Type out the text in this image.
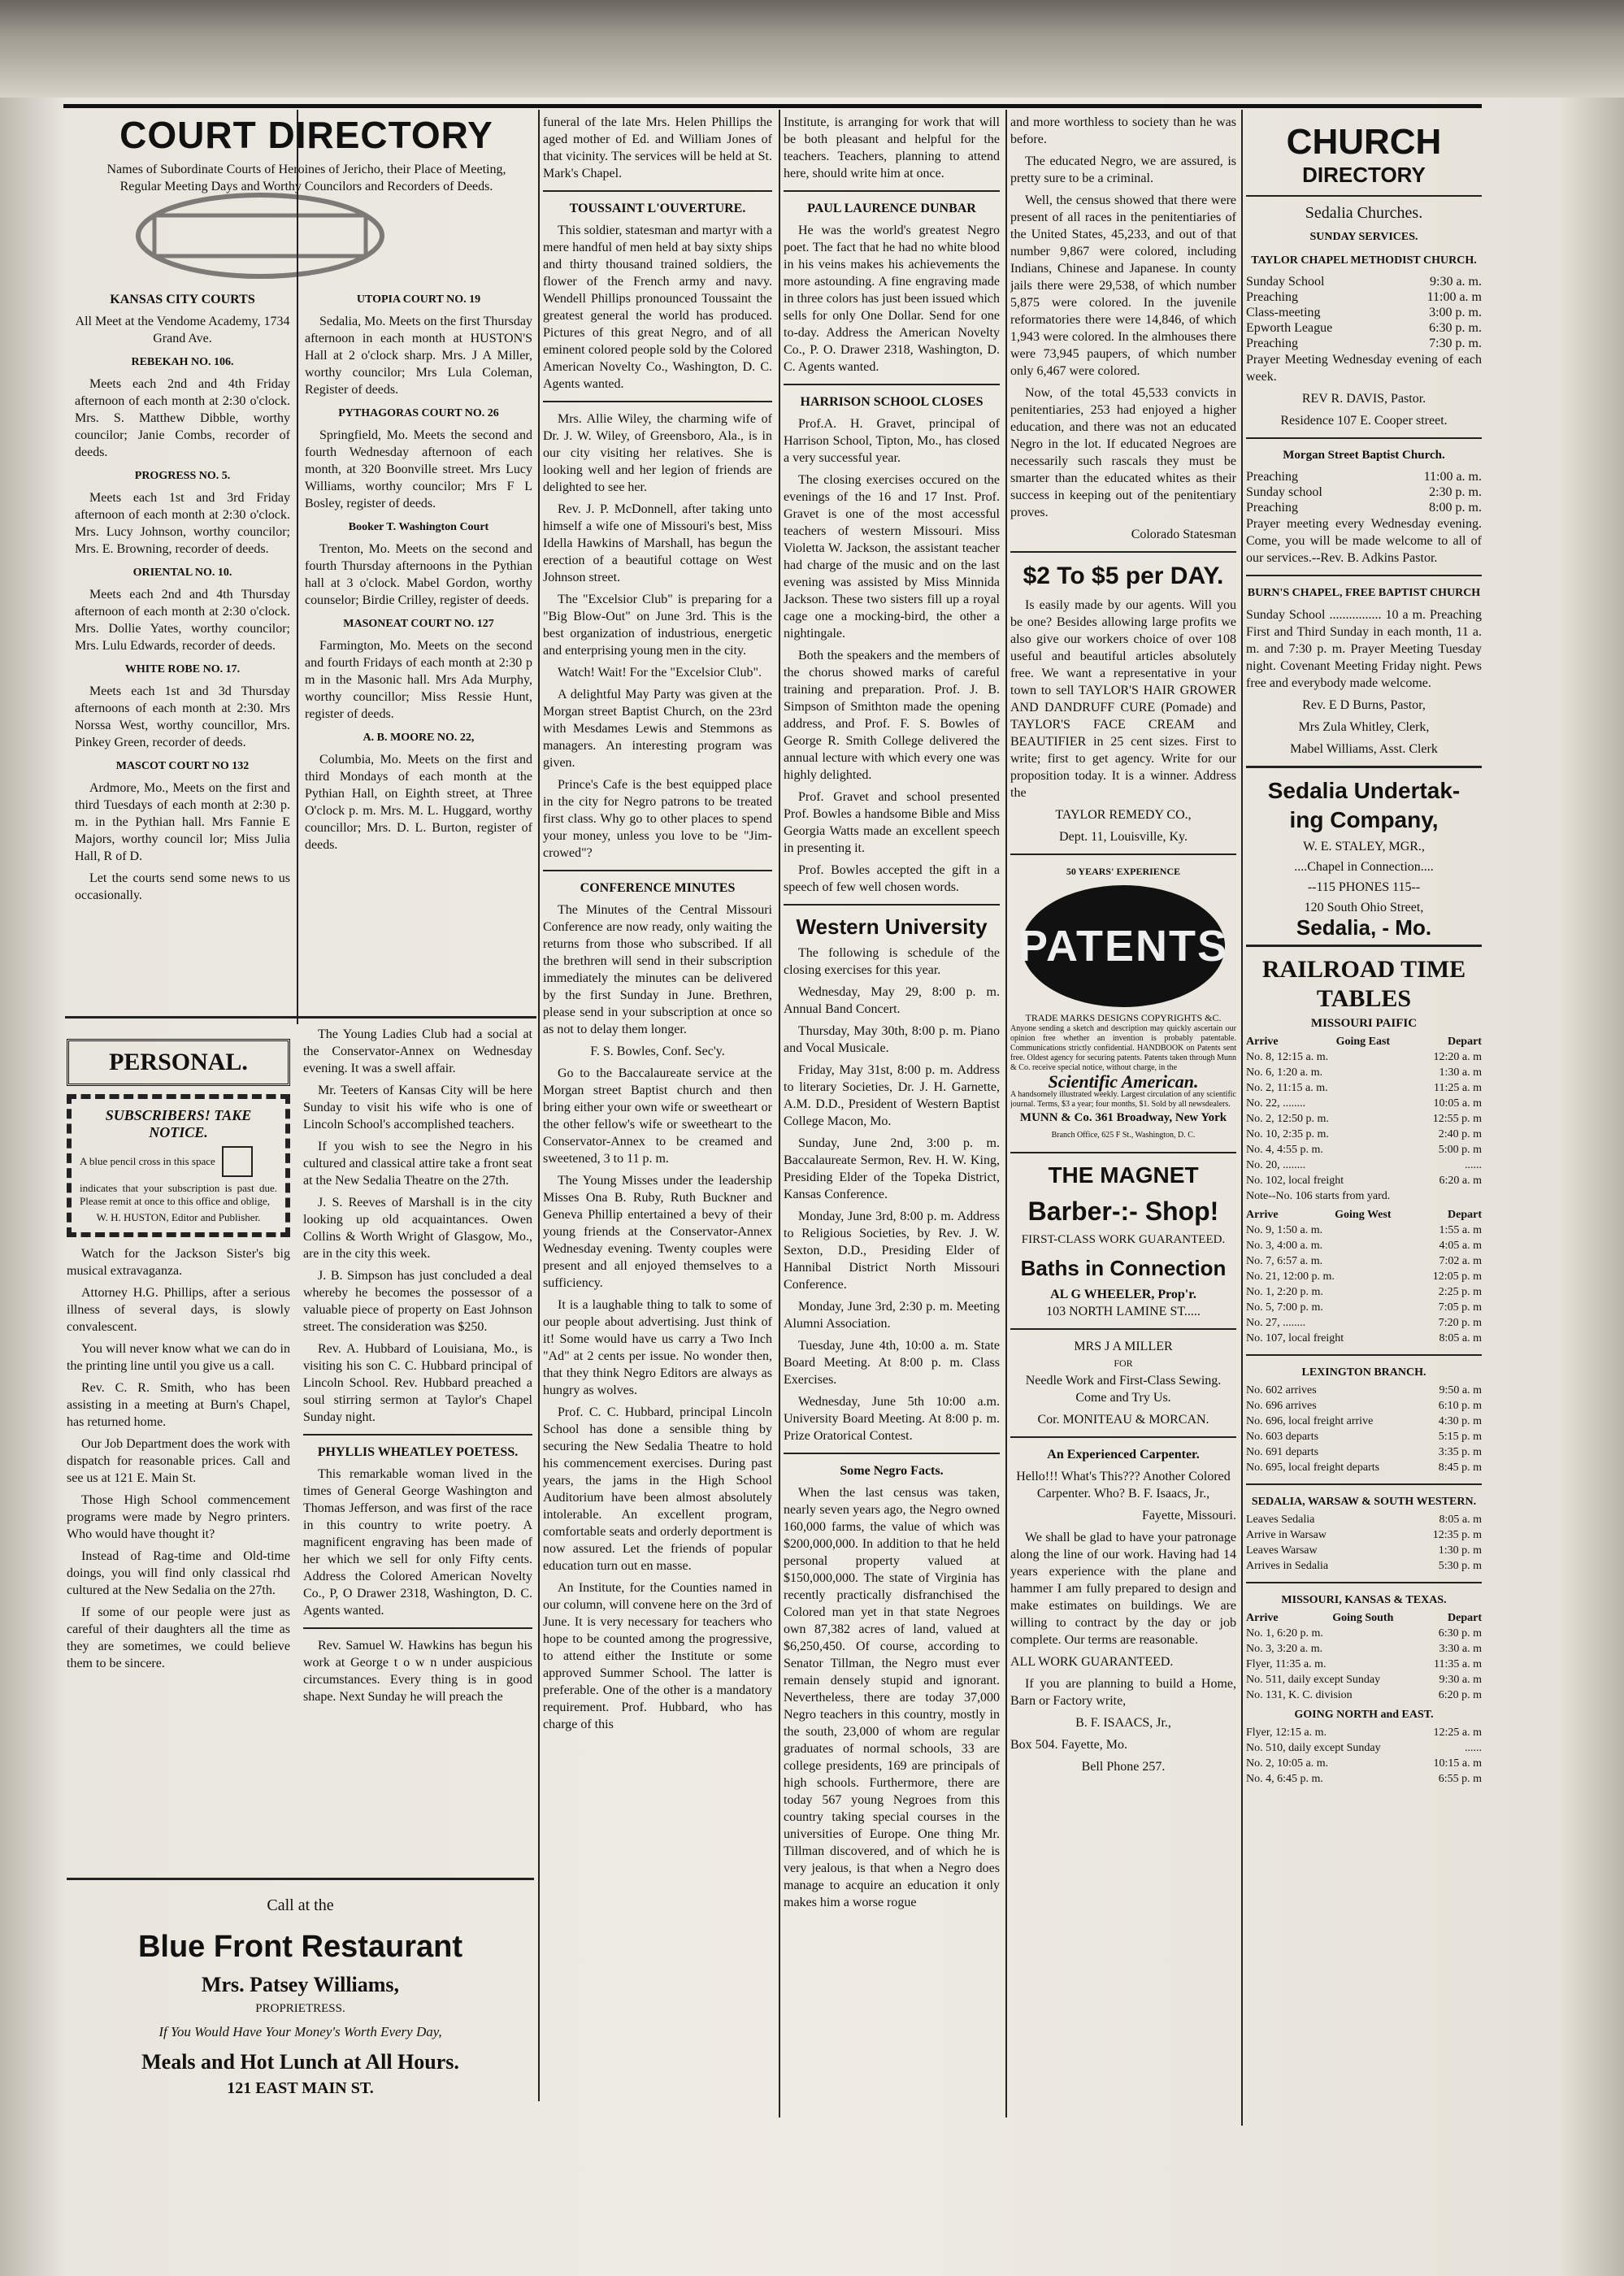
COURT DIRECTORY
Names of Subordinate Courts of Heroines of Jericho, their Place of Meeting, Regular Meeting Days and Worthy Councilors and Recorders of Deeds.
KANSAS CITY COURTS

All Meet at the Vendome Academy, 1734 Grand Ave.

REBEKAH NO. 106.

Meets each 2nd and 4th Friday afternoon of each month at 2:30 o'clock. Mrs. S. Matthew Dibble, worthy councilor; Janie Combs, recorder of deeds.

PROGRESS NO. 5.

Meets each 1st and 3rd Friday afternoon of each month at 2:30 o'clock. Mrs. Lucy Johnson, worthy councilor; Mrs. E. Browning, recorder of deeds.

ORIENTAL NO. 10.

Meets each 2nd and 4th Thursday afternoon of each month at 2:30 o'clock. Mrs. Dollie Yates, worthy councilor; Mrs. Lulu Edwards, recorder of deeds.

WHITE ROBE NO. 17.

Meets each 1st and 3d Thursday afternoons of each month at 2:30. Mrs Norssa West, worthy councillor, Mrs. Pinkey Green, recorder of deeds.

MASCOT COURT NO 132

Ardmore, Mo., Meets on the first and third Tuesdays of each month at 2:30 p. m. in the Pythian hall. Mrs Fannie E Majors, worthy council lor; Miss Julia Hall, R of D.

Let the courts send some news to us occasionally.

UTOPIA COURT NO. 19

Sedalia, Mo. Meets on the first Thursday afternoon in each month at HUSTON'S Hall at 2 o'clock sharp. Mrs. J A Miller, worthy councilor; Mrs Lula Coleman, Register of deeds.

PYTHAGORAS COURT NO. 26

Springfield, Mo. Meets the second and fourth Wednesday afternoon of each month, at 320 Boonville street. Mrs Lucy Williams, worthy councilor; Mrs F L Bosley, register of deeds.

Booker T. Washington Court

Trenton, Mo. Meets on the second and fourth Thursday afternoons in the Pythian hall at 3 o'clock. Mabel Gordon, worthy counselor; Birdie Crilley, register of deeds.

MASONEAT COURT NO. 127

Farmington, Mo. Meets on the second and fourth Fridays of each month at 2:30 p m in the Masonic hall. Mrs Ada Murphy, worthy councillor; Miss Ressie Hunt, register of deeds.

A. B. MOORE NO. 22,

Columbia, Mo. Meets on the first and third Mondays of each month at the Pythian Hall, on Eighth street, at Three O'clock p. m. Mrs. M. L. Huggard, worthy councillor; Mrs. D. L. Burton, register of deeds.

PERSONAL.
SUBSCRIBERS! TAKE NOTICE.
A blue pencil cross in this space
indicates that your subscription is past due. Please remit at once to this office and oblige,
W. H. HUSTON, Editor and Publisher.

Watch for the Jackson Sister's big musical extravaganza.

Attorney H.G. Phillips, after a serious illness of several days, is slowly convalescent.

You will never know what we can do in the printing line until you give us a call.

Rev. C. R. Smith, who has been assisting in a meeting at Burn's Chapel, has returned home.

Our Job Department does the work with dispatch for reasonable prices. Call and see us at 121 E. Main St.

Those High School commencement programs were made by Negro printers. Who would have thought it?

Instead of Rag-time and Old-time doings, you will find only classical rhd cultured at the New Sedalia on the 27th.

If some of our people were just as careful of their daughters all the time as they are sometimes, we could believe them to be sincere.

The Young Ladies Club had a social at the Conservator-Annex on Wednesday evening. It was a swell affair.

Mr. Teeters of Kansas City will be here Sunday to visit his wife who is one of Lincoln School's accomplished teachers.

If you wish to see the Negro in his cultured and classical attire take a front seat at the New Sedalia Theatre on the 27th.

J. S. Reeves of Marshall is in the city looking up old acquaintances. Owen Collins & Worth Wright of Glasgow, Mo., are in the city this week.

J. B. Simpson has just concluded a deal whereby he becomes the possessor of a valuable piece of property on East Johnson street. The consideration was $250.

Rev. A. Hubbard of Louisiana, Mo., is visiting his son C. C. Hubbard principal of Lincoln School. Rev. Hubbard preached a soul stirring sermon at Taylor's Chapel Sunday night.

PHYLLIS WHEATLEY POETESS.

This remarkable woman lived in the times of General George Washington and Thomas Jefferson, and was first of the race in this country to write poetry. A magnificent engraving has been made of her which we sell for only Fifty cents. Address the Colored American Novelty Co., P, O Drawer 2318, Washington, D. C. Agents wanted.

Rev. Samuel W. Hawkins has begun his work at George t o w n under auspicious circumstances. Every thing is in good shape. Next Sunday he will preach the

Call at the
Blue Front Restaurant
Mrs. Patsey Williams,
PROPRIETRESS.
If You Would Have Your Money's Worth Every Day,
Meals and Hot Lunch at All Hours.
121 EAST MAIN ST.

funeral of the late Mrs. Helen Phillips the aged mother of Ed. and William Jones of that vicinity. The services will be held at St. Mark's Chapel.

TOUSSAINT L'OUVERTURE.

This soldier, statesman and martyr with a mere handful of men held at bay sixty ships and thirty thousand trained soldiers, the flower of the French army and navy. Wendell Phillips pronounced Toussaint the greatest general the world has produced. Pictures of this great Negro, and of all eminent colored people sold by the Colored American Novelty Co., Washington, D. C. Agents wanted.

Mrs. Allie Wiley, the charming wife of Dr. J. W. Wiley, of Greensboro, Ala., is in our city visiting her relatives. She is looking well and her legion of friends are delighted to see her.

Rev. J. P. McDonnell, after taking unto himself a wife one of Missouri's best, Miss Idella Hawkins of Marshall, has begun the erection of a beautiful cottage on West Johnson street.

The "Excelsior Club" is preparing for a "Big Blow-Out" on June 3rd. This is the best organization of industrious, energetic and enterprising young men in the city.

Watch! Wait! For the "Excelsior Club".

A delightful May Party was given at the Morgan street Baptist Church, on the 23rd with Mesdames Lewis and Stemmons as managers. An interesting program was given.

Prince's Cafe is the best equipped place in the city for Negro patrons to be treated first class. Why go to other places to spend your money, unless you love to be "Jim-crowed"?

CONFERENCE MINUTES

The Minutes of the Central Missouri Conference are now ready, only waiting the returns from those who subscribed. If all the brethren will send in their subscription immediately the minutes can be delivered by the first Sunday in June. Brethren, please send in your subscription at once so as not to delay them longer.

F. S. Bowles, Conf. Sec'y.

Go to the Baccalaureate service at the Morgan street Baptist church and then bring either your own wife or sweetheart or the other fellow's wife or sweetheart to the Conservator-Annex to be creamed and sweetened, 3 to 11 p. m.

The Young Misses under the leadership Misses Ona B. Ruby, Ruth Buckner and Geneva Phillip entertained a bevy of their young friends at the Conservator-Annex Wednesday evening. Twenty couples were present and all enjoyed themselves to a sufficiency.

It is a laughable thing to talk to some of our people about advertising. Just think of it! Some would have us carry a Two Inch "Ad" at 2 cents per issue. No wonder then, that they think Negro Editors are always as hungry as wolves.

Prof. C. C. Hubbard, principal Lincoln School has done a sensible thing by securing the New Sedalia Theatre to hold his commencement exercises. During past years, the jams in the High School Auditorium have been almost absolutely intolerable. An excellent program, comfortable seats and orderly deportment is now assured. Let the friends of popular education turn out en masse.

An Institute, for the Counties named in our column, will convene here on the 3rd of June. It is very necessary for teachers who hope to be counted among the progressive, to attend either the Institute or some approved Summer School. The latter is preferable. One of the other is a mandatory requirement. Prof. Hubbard, who has charge of this

Institute, is arranging for work that will be both pleasant and helpful for the teachers. Teachers, planning to attend here, should write him at once.

PAUL LAURENCE DUNBAR

He was the world's greatest Negro poet. The fact that he had no white blood in his veins makes his achievements the more astounding. A fine engraving made in three colors has just been issued which sells for only One Dollar. Send for one to-day. Address the American Novelty Co., P. O. Drawer 2318, Washington, D. C. Agents wanted.

HARRISON SCHOOL CLOSES

Prof.A. H. Gravet, principal of Harrison School, Tipton, Mo., has closed a very successful year.

The closing exercises occured on the evenings of the 16 and 17 Inst. Prof. Gravet is one of the most accessful teachers of western Missouri. Miss Violetta W. Jackson, the assistant teacher had charge of the music and on the last evening was assisted by Miss Minnida Jackson. These two sisters fill up a royal cage one a mocking-bird, the other a nightingale.

Both the speakers and the members of the chorus showed marks of careful training and preparation. Prof. J. B. Simpson of Smithton made the opening address, and Prof. F. S. Bowles of George R. Smith College delivered the annual lecture with which every one was highly delighted.

Prof. Gravet and school presented Prof. Bowles a handsome Bible and Miss Georgia Watts made an excellent speech in presenting it.

Prof. Bowles accepted the gift in a speech of few well chosen words.

Western University

The following is schedule of the closing exercises for this year.

Wednesday, May 29, 8:00 p. m. Annual Band Concert.

Thursday, May 30th, 8:00 p. m. Piano and Vocal Musicale.

Friday, May 31st, 8:00 p. m. Address to literary Societies, Dr. J. H. Garnette, A.M. D.D., President of Western Baptist College Macon, Mo.

Sunday, June 2nd, 3:00 p. m. Baccalaureate Sermon, Rev. H. W. King, Presiding Elder of the Topeka District, Kansas Conference.

Monday, June 3rd, 8:00 p. m. Address to Religious Societies, by Rev. J. W. Sexton, D.D., Presiding Elder of Hannibal District North Missouri Conference.

Monday, June 3rd, 2:30 p. m. Meeting Alumni Association.

Tuesday, June 4th, 10:00 a. m. State Board Meeting. At 8:00 p. m. Class Exercises.

Wednesday, June 5th 10:00 a.m. University Board Meeting. At 8:00 p. m. Prize Oratorical Contest.

Some Negro Facts.

When the last census was taken, nearly seven years ago, the Negro owned 160,000 farms, the value of which was $200,000,000. In addition to that he held personal property valued at $150,000,000. The state of Virginia has recently practically disfranchised the Colored man yet in that state Negroes own 87,382 acres of land, valued at $6,250,450. Of course, according to Senator Tillman, the Negro must ever remain densely stupid and ignorant. Nevertheless, there are today 37,000 Negro teachers in this country, mostly in the south, 23,000 of whom are regular graduates of normal schools, 33 are college presidents, 169 are principals of high schools. Furthermore, there are today 567 young Negroes from this country taking special courses in the universities of Europe. One thing Mr. Tillman discovered, and of which he is very jealous, is that when a Negro does manage to acquire an education it only makes him a worse rogue

and more worthless to society than he was before.

The educated Negro, we are assured, is pretty sure to be a criminal.

Well, the census showed that there were present of all races in the penitentiaries of the United States, 45,233, and out of that number 9,867 were colored, including Indians, Chinese and Japanese. In county jails there were 29,538, of which number 5,875 were colored. In the juvenile reformatories there were 14,846, of which 1,943 were colored. In the almhouses there were 73,945 paupers, of which number only 6,467 were colored.

Now, of the total 45,533 convicts in penitentiaries, 253 had enjoyed a higher education, and there was not an educated Negro in the lot. If educated Negroes are necessarily such rascals they must be smarter than the educated whites as their success in keeping out of the penitentiary proves.

Colorado Statesman

$2 To $5 per DAY.

Is easily made by our agents. Will you be one? Besides allowing large profits we also give our workers choice of over 108 useful and beautiful articles absolutely free. We want a representative in your town to sell TAYLOR'S HAIR GROWER AND DANDRUFF CURE (Pomade) and TAYLOR'S FACE CREAM and BEAUTIFIER in 25 cent sizes. First to write; first to get agency. Write for our proposition today. It is a winner. Address the

TAYLOR REMEDY CO.,

Dept. 11, Louisville, Ky.

50 YEARS' EXPERIENCE
PATENTS
TRADE MARKS DESIGNS COPYRIGHTS &C.
Anyone sending a sketch and description may quickly ascertain our opinion free whether an invention is probably patentable. Communications strictly confidential. HANDBOOK on Patents sent free. Oldest agency for securing patents. Patents taken through Munn & Co. receive special notice, without charge, in the
Scientific American.
A handsomely illustrated weekly. Largest circulation of any scientific journal. Terms, $3 a year; four months, $1. Sold by all newsdealers.
MUNN & Co. 361 Broadway, New York
Branch Office, 625 F St., Washington, D. C.
THE MAGNET
Barber-:- Shop!
FIRST-CLASS WORK GUARANTEED.
Baths in Connection
AL G WHEELER, Prop'r.
103 NORTH LAMINE ST.....
MRS J A MILLER
FOR

Needle Work and First-Class Sewing. Come and Try Us.

Cor. MONITEAU & MORCAN.
An Experienced Carpenter.

Hello!!! What's This??? Another Colored Carpenter. Who? B. F. Isaacs, Jr.,

Fayette, Missouri.

We shall be glad to have your patronage along the line of our work. Having had 14 years experience with the plane and hammer I am fully prepared to design and make estimates on buildings. We are willing to contract by the day or job complete. Our terms are reasonable.

ALL WORK GUARANTEED.

If you are planning to build a Home, Barn or Factory write,

B. F. ISAACS, Jr.,

Box 504. Fayette, Mo.

Bell Phone 257.

CHURCH
DIRECTORY
Sedalia Churches.
SUNDAY SERVICES.
TAYLOR CHAPEL METHODIST CHURCH.
Sunday School	9:30 a. m.
Preaching	11:00 a. m
Class-meeting	3:00 p. m.
Epworth League	6:30 p. m.
Preaching	7:30 p. m.

Prayer Meeting Wednesday evening of each week.

REV R. DAVIS, Pastor.

Residence 107 E. Cooper street.

Morgan Street Baptist Church.
Preaching	11:00 a. m.
Sunday school	2:30 p. m.
Preaching	8:00 p. m.

Prayer meeting every Wednesday evening. Come, you will be made welcome to all of our services.--Rev. B. Adkins Pastor.

BURN'S CHAPEL, FREE BAPTIST CHURCH

Sunday School ................ 10 a m. Preaching First and Third Sunday in each month, 11 a. m. and 7:30 p. m. Prayer Meeting Tuesday night. Covenant Meeting Friday night. Pews free and everybody made welcome.

Rev. E D Burns, Pastor,

Mrs Zula Whitley, Clerk,

Mabel Williams, Asst. Clerk

Sedalia Undertak-
ing Company,
W. E. STALEY, MGR.,
....Chapel in Connection....
--115 PHONES 115--
120 South Ohio Street,
Sedalia, - Mo.
RAILROAD TIME TABLES
MISSOURI PAIFIC
Arrive	Going East	Depart
No. 8, 12:15 a. m.	12:20 a. m
No. 6, 1:20 a. m.	1:30 a. m
No. 2, 11:15 a. m.	11:25 a. m
No. 22, ........	10:05 a. m
No. 2, 12:50 p. m.	12:55 p. m
No. 10, 2:35 p. m.	2:40 p. m
No. 4, 4:55 p. m.	5:00 p. m
No. 20, ........	......
No. 102, local freight	6:20 a. m
Note--No. 106 starts from yard.
Arrive	Going West	Depart
No. 9, 1:50 a. m.	1:55 a. m
No. 3, 4:00 a. m.	4:05 a. m
No. 7, 6:57 a. m.	7:02 a. m
No. 21, 12:00 p. m.	12:05 p. m
No. 1, 2:20 p. m.	2:25 p. m
No. 5, 7:00 p. m.	7:05 p. m
No. 27, ........	7:20 p. m
No. 107, local freight	8:05 a. m
LEXINGTON BRANCH.
No. 602 arrives	9:50 a. m
No. 696 arrives	6:10 p. m
No. 696, local freight arrive	4:30 p. m
No. 603 departs	5:15 p. m
No. 691 departs	3:35 p. m
No. 695, local freight departs	8:45 p. m
SEDALIA, WARSAW & SOUTH WESTERN.
Leaves Sedalia	8:05 a. m
Arrive in Warsaw	12:35 p. m
Leaves Warsaw	1:30 p. m
Arrives in Sedalia	5:30 p. m
MISSOURI, KANSAS & TEXAS.
Arrive	Going South	Depart
No. 1, 6:20 p. m.	6:30 p. m
No. 3, 3:20 a. m.	3:30 a. m
Flyer, 11:35 a. m.	11:35 a. m
No. 511, daily except Sunday	9:30 a. m
No. 131, K. C. division	6:20 p. m
GOING NORTH and EAST.
Flyer, 12:15 a. m.	12:25 a. m
No. 510, daily except Sunday	......
No. 2, 10:05 a. m.	10:15 a. m
No. 4, 6:45 p. m.	6:55 p. m
